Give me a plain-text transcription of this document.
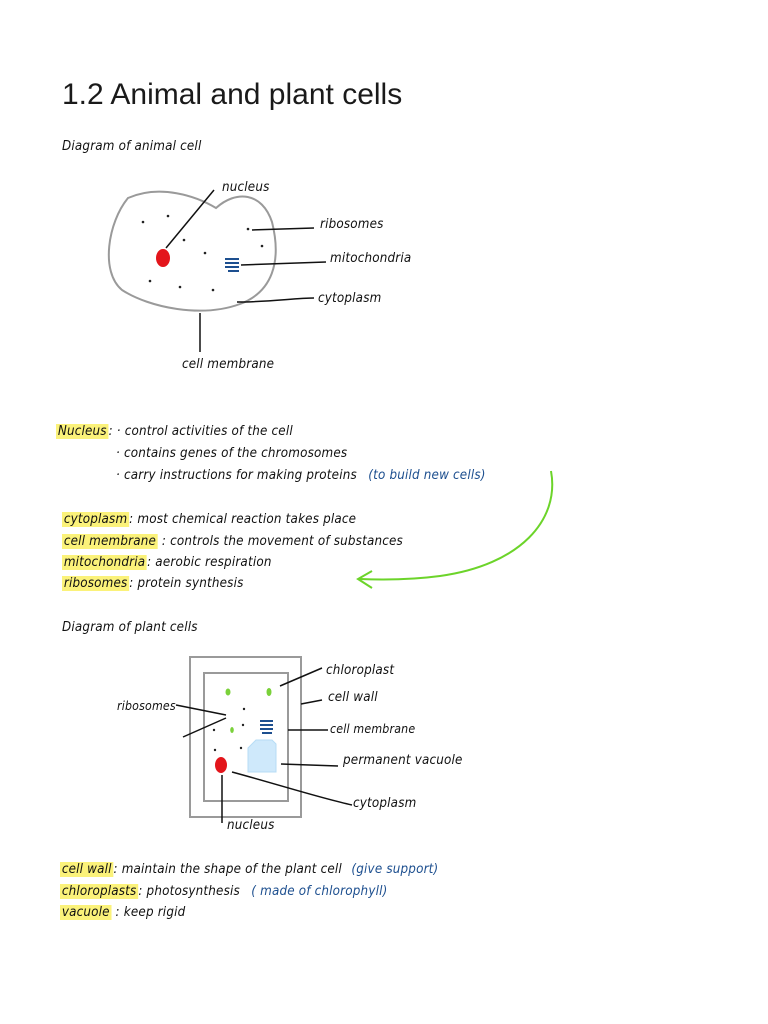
1.2 Animal and plant cells
Diagram of animal cell
nucleus
ribosomes
mitochondria
cytoplasm
cell membrane
Nucleus : · control activities of the cell
· contains genes of the chromosomes
· carry instructions for making proteins (to build new cells)
cytoplasm : most chemical reaction takes place
cell membrane : controls the movement of substances
mitochondria : aerobic respiration
ribosomes : protein synthesis
Diagram of plant cells
chloroplast
cell wall
ribosomes
cell membrane
permanent vacuole
cytoplasm
nucleus
cell wall : maintain the shape of the plant cell (give support)
chloroplasts : photosynthesis ( made of chlorophyll)
vacuole : keep rigid
